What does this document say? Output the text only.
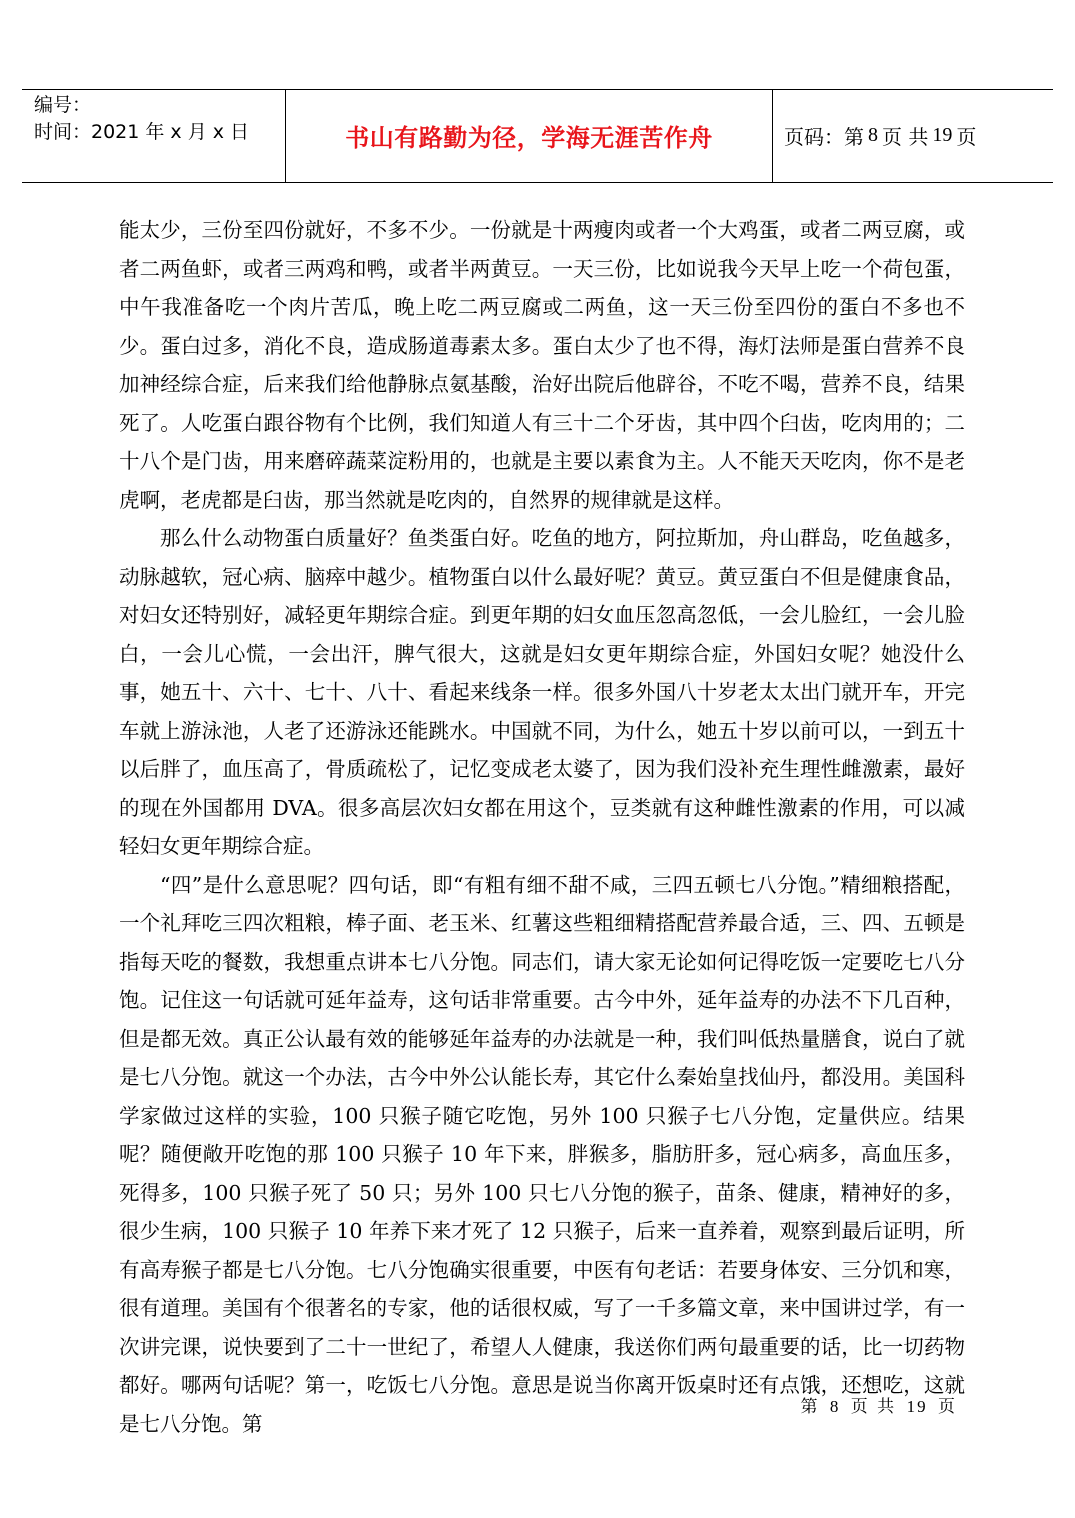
编号：
时间：2021 年 x 月 x 日	书山有路勤为径，学海无涯苦作舟	页码：第 8 页 共 19 页

能太少，三份至四份就好，不多不少。一份就是十两瘦肉或者一个大鸡蛋，或者二两豆腐，或者二两鱼虾，或者三两鸡和鸭，或者半两黄豆。一天三份，比如说我今天早上吃一个荷包蛋，中午我准备吃一个肉片苦瓜，晚上吃二两豆腐或二两鱼，这一天三份至四份的蛋白不多也不少。蛋白过多，消化不良，造成肠道毒素太多。蛋白太少了也不得，海灯法师是蛋白营养不良加神经综合症，后来我们给他静脉点氨基酸，治好出院后他辟谷，不吃不喝，营养不良，结果死了。人吃蛋白跟谷物有个比例，我们知道人有三十二个牙齿，其中四个臼齿，吃肉用的；二十八个是门齿，用来磨碎蔬菜淀粉用的，也就是主要以素食为主。人不能天天吃肉，你不是老虎啊，老虎都是臼齿，那当然就是吃肉的，自然界的规律就是这样。

那么什么动物蛋白质量好？鱼类蛋白好。吃鱼的地方，阿拉斯加，舟山群岛，吃鱼越多，动脉越软，冠心病、脑瘁中越少。植物蛋白以什么最好呢？黄豆。黄豆蛋白不但是健康食品，对妇女还特别好，减轻更年期综合症。到更年期的妇女血压忽高忽低，一会儿脸红，一会儿脸白，一会儿心慌，一会出汗，脾气很大，这就是妇女更年期综合症，外国妇女呢？她没什么事，她五十、六十、七十、八十、看起来线条一样。很多外国八十岁老太太出门就开车，开完车就上游泳池，人老了还游泳还能跳水。中国就不同，为什么，她五十岁以前可以，一到五十以后胖了，血压高了，骨质疏松了，记忆变成老太婆了，因为我们没补充生理性雌激素，最好的现在外国都用 DVA。很多高层次妇女都在用这个，豆类就有这种雌性激素的作用，可以减轻妇女更年期综合症。

“四”是什么意思呢？四句话，即“有粗有细不甜不咸，三四五顿七八分饱。”精细粮搭配，一个礼拜吃三四次粗粮，棒子面、老玉米、红薯这些粗细精搭配营养最合适，三、四、五顿是指每天吃的餐数，我想重点讲本七八分饱。同志们，请大家无论如何记得吃饭一定要吃七八分饱。记住这一句话就可延年益寿，这句话非常重要。古今中外，延年益寿的办法不下几百种，但是都无效。真正公认最有效的能够延年益寿的办法就是一种，我们叫低热量膳食，说白了就是七八分饱。就这一个办法，古今中外公认能长寿，其它什么秦始皇找仙丹，都没用。美国科学家做过这样的实验，100 只猴子随它吃饱，另外 100 只猴子七八分饱，定量供应。结果呢？随便敞开吃饱的那 100 只猴子 10 年下来，胖猴多，脂肪肝多，冠心病多，高血压多，死得多，100 只猴子死了 50 只；另外 100 只七八分饱的猴子，苗条、健康，精神好的多，很少生病，100 只猴子 10 年养下来才死了 12 只猴子，后来一直养着，观察到最后证明，所有高寿猴子都是七八分饱。七八分饱确实很重要，中医有句老话：若要身体安、三分饥和寒，很有道理。美国有个很著名的专家，他的话很权威，写了一千多篇文章，来中国讲过学，有一次讲完课，说快要到了二十一世纪了，希望人人健康，我送你们两句最重要的话，比一切药物都好。哪两句话呢？第一，吃饭七八分饱。意思是说当你离开饭桌时还有点饿，还想吃，这就是七八分饱。第

第 8 页 共 19 页
